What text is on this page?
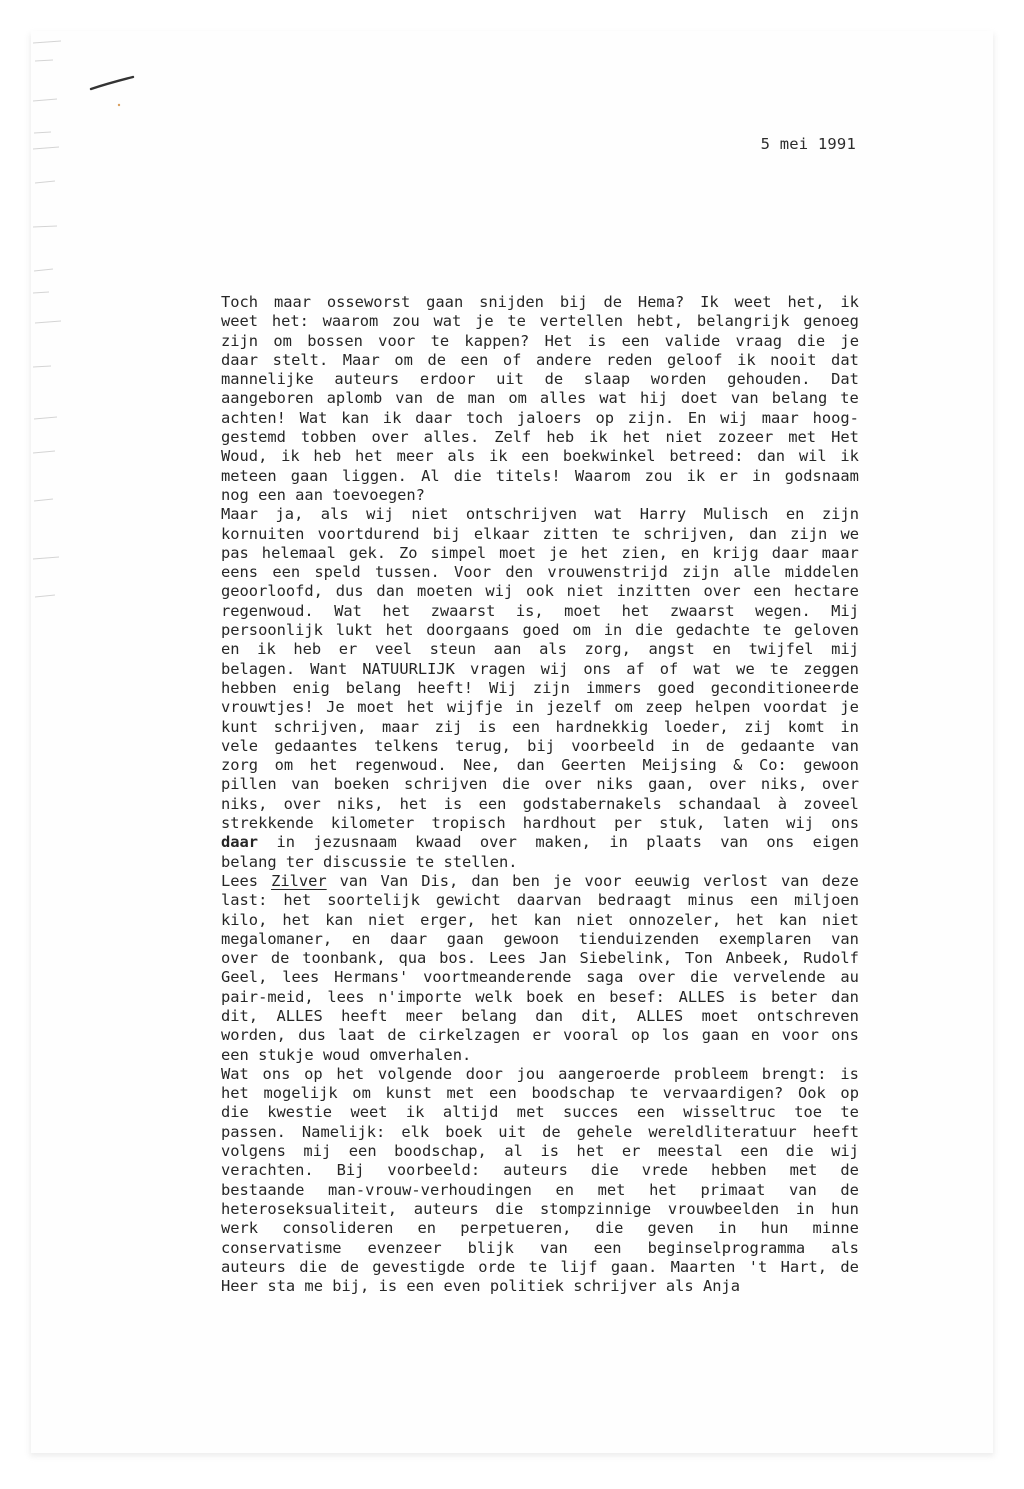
5 mei 1991
Toch maar osseworst gaan snijden bij de Hema? Ik weet het, ik
weet het: waarom zou wat je te vertellen hebt, belangrijk genoeg
zijn om bossen voor te kappen? Het is een valide vraag die je
daar stelt. Maar om de een of andere reden geloof ik nooit dat
mannelijke auteurs erdoor uit de slaap worden gehouden. Dat
aangeboren aplomb van de man om alles wat hij doet van belang te
achten! Wat kan ik daar toch jaloers op zijn. En wij maar hoog-
gestemd tobben over alles. Zelf heb ik het niet zozeer met Het
Woud, ik heb het meer als ik een boekwinkel betreed: dan wil ik
meteen gaan liggen. Al die titels! Waarom zou ik er in godsnaam
nog een aan toevoegen?
Maar ja, als wij niet ontschrijven wat Harry Mulisch en zijn
kornuiten voortdurend bij elkaar zitten te schrijven, dan zijn we
pas helemaal gek. Zo simpel moet je het zien, en krijg daar maar
eens een speld tussen. Voor den vrouwenstrijd zijn alle middelen
geoorloofd, dus dan moeten wij ook niet inzitten over een hectare
regenwoud. Wat het zwaarst is, moet het zwaarst wegen. Mij
persoonlijk lukt het doorgaans goed om in die gedachte te geloven
en ik heb er veel steun aan als zorg, angst en twijfel mij
belagen. Want NATUURLIJK vragen wij ons af of wat we te zeggen
hebben enig belang heeft! Wij zijn immers goed geconditioneerde
vrouwtjes! Je moet het wijfje in jezelf om zeep helpen voordat je
kunt schrijven, maar zij is een hardnekkig loeder, zij komt in
vele gedaantes telkens terug, bij voorbeeld in de gedaante van
zorg om het regenwoud. Nee, dan Geerten Meijsing & Co: gewoon
pillen van boeken schrijven die over niks gaan, over niks, over
niks, over niks, het is een godstabernakels schandaal à zoveel
strekkende kilometer tropisch hardhout per stuk, laten wij ons
daar in jezusnaam kwaad over maken, in plaats van ons eigen
belang ter discussie te stellen.
Lees Zilver van Van Dis, dan ben je voor eeuwig verlost van deze
last: het soortelijk gewicht daarvan bedraagt minus een miljoen
kilo, het kan niet erger, het kan niet onnozeler, het kan niet
megalomaner, en daar gaan gewoon tienduizenden exemplaren van
over de toonbank, qua bos. Lees Jan Siebelink, Ton Anbeek, Rudolf
Geel, lees Hermans' voortmeanderende saga over die vervelende au
pair-meid, lees n'importe welk boek en besef: ALLES is beter dan
dit, ALLES heeft meer belang dan dit, ALLES moet ontschreven
worden, dus laat de cirkelzagen er vooral op los gaan en voor ons
een stukje woud omverhalen.
Wat ons op het volgende door jou aangeroerde probleem brengt: is
het mogelijk om kunst met een boodschap te vervaardigen? Ook op
die kwestie weet ik altijd met succes een wisseltruc toe te
passen. Namelijk: elk boek uit de gehele wereldliteratuur heeft
volgens mij een boodschap, al is het er meestal een die wij
verachten. Bij voorbeeld: auteurs die vrede hebben met de
bestaande man-vrouw-verhoudingen en met het primaat van de
heteroseksualiteit, auteurs die stompzinnige vrouwbeelden in hun
werk consolideren en perpetueren, die geven in hun minne
conservatisme evenzeer blijk van een beginselprogramma als
auteurs die de gevestigde orde te lijf gaan. Maarten 't Hart, de
Heer sta me bij, is een even politiek schrijver als Anja
